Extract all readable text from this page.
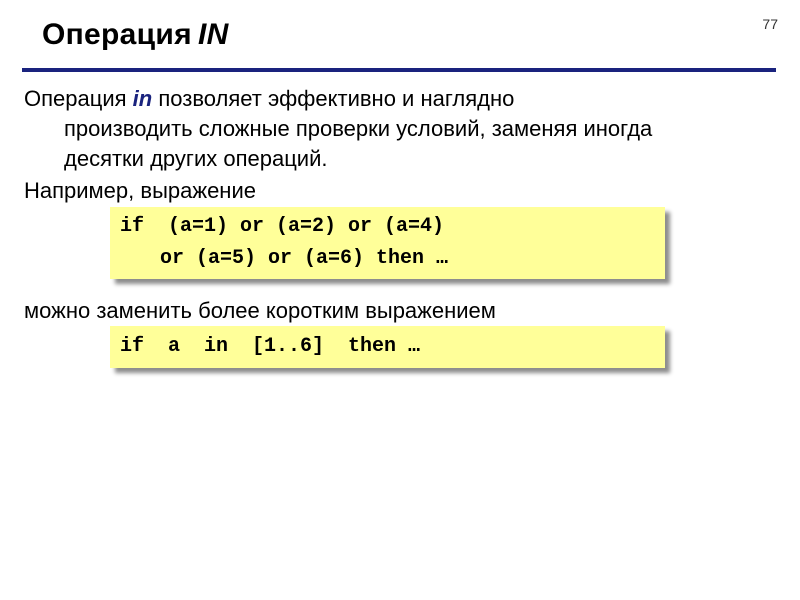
77
Операция IN
Операция in позволяет эффективно и наглядно
производить сложные проверки условий, заменяя иногда
десятки других операций.
Например, выражение

if  (a=1) or (a=2) or (a=4)

or (a=5) or (a=6) then …

можно заменить более коротким выражением

if  a  in  [1..6]  then …
